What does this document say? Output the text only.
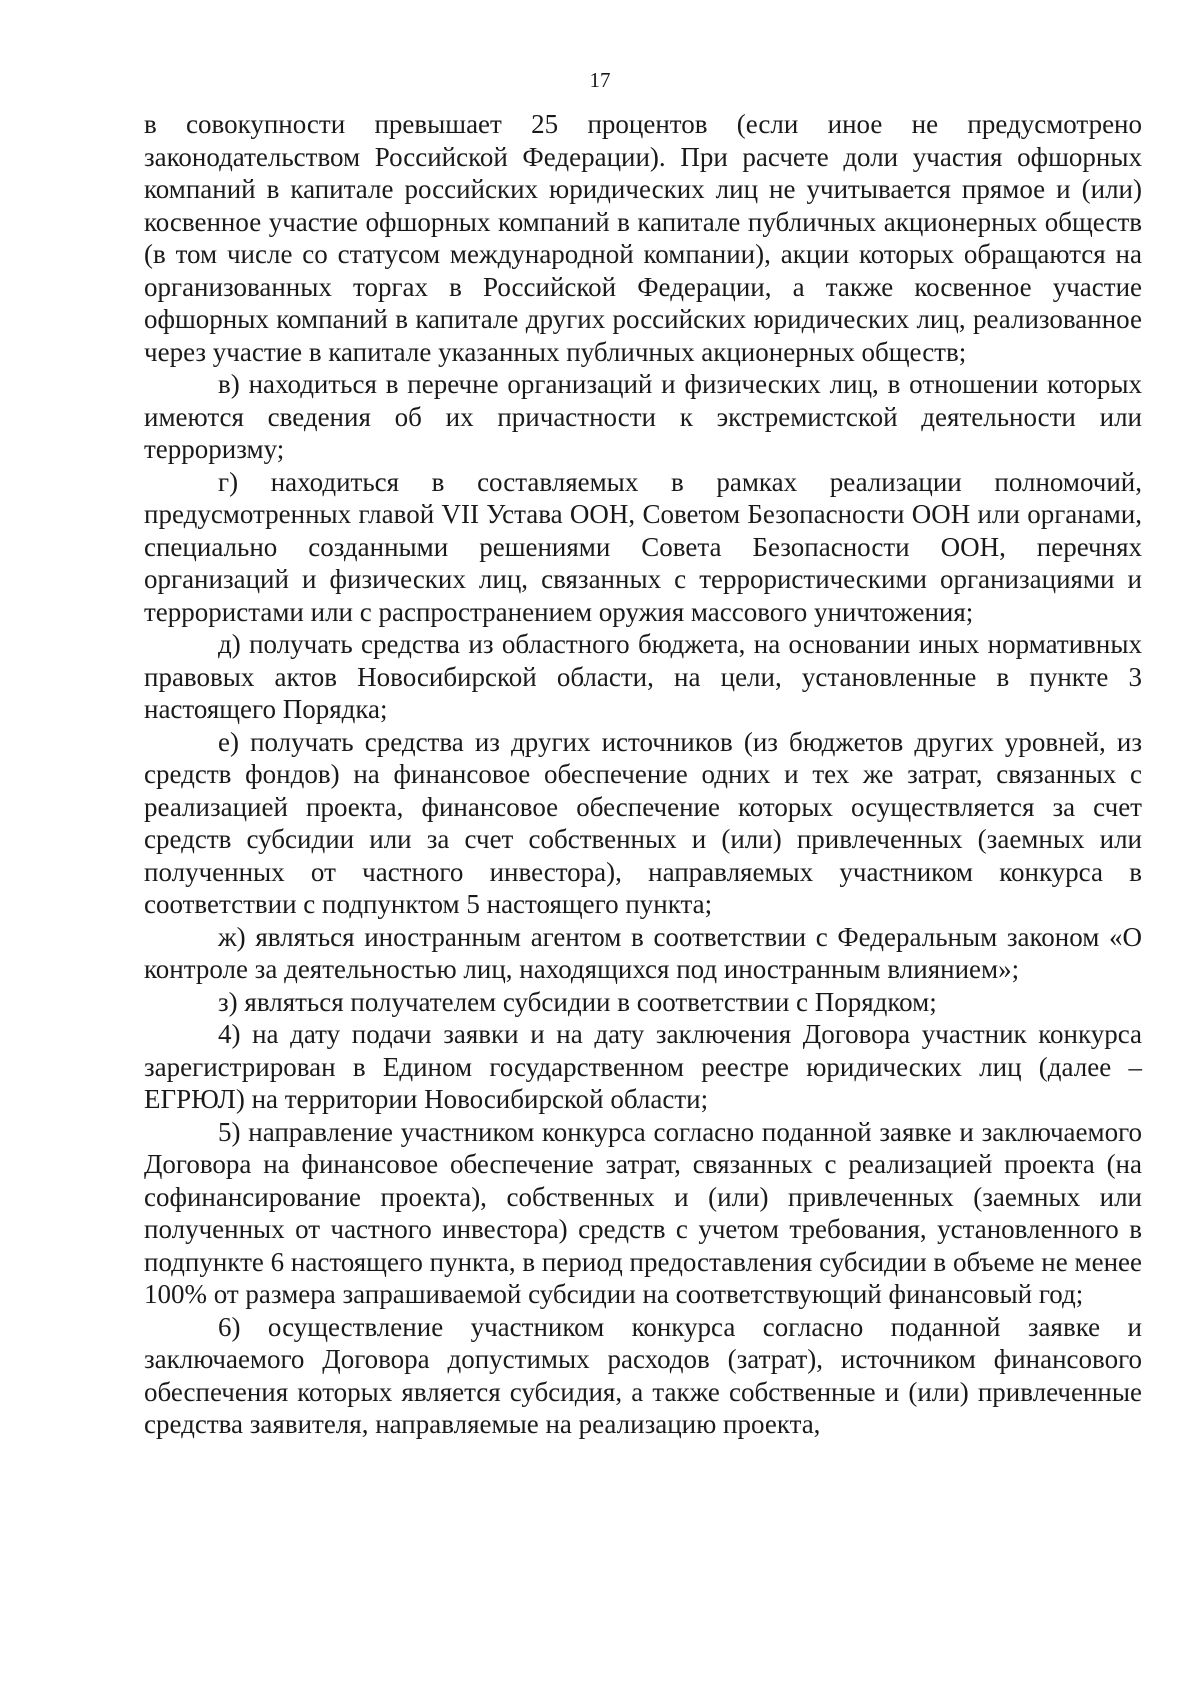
17

в совокупности превышает 25 процентов (если иное не предусмотрено законодательством Российской Федерации). При расчете доли участия офшорных компаний в капитале российских юридических лиц не учитывается прямое и (или) косвенное участие офшорных компаний в капитале публичных акционерных обществ (в том числе со статусом международной компании), акции которых обращаются на организованных торгах в Российской Федерации, а также косвенное участие офшорных компаний в капитале других российских юридических лиц, реализованное через участие в капитале указанных публичных акционерных обществ;

в) находиться в перечне организаций и физических лиц, в отношении которых имеются сведения об их причастности к экстремистской деятельности или терроризму;

г) находиться в составляемых в рамках реализации полномочий, предусмотренных главой VII Устава ООН, Советом Безопасности ООН или органами, специально созданными решениями Совета Безопасности ООН, перечнях организаций и физических лиц, связанных с террористическими организациями и террористами или с распространением оружия массового уничтожения;

д) получать средства из областного бюджета, на основании иных нормативных правовых актов Новосибирской области, на цели, установленные в пункте 3 настоящего Порядка;

е) получать средства из других источников (из бюджетов других уровней, из средств фондов) на финансовое обеспечение одних и тех же затрат, связанных с реализацией проекта, финансовое обеспечение которых осуществляется за счет средств субсидии или за счет собственных и (или) привлеченных (заемных или полученных от частного инвестора), направляемых участником конкурса в соответствии с подпунктом 5 настоящего пункта;

ж) являться иностранным агентом в соответствии с Федеральным законом «О контроле за деятельностью лиц, находящихся под иностранным влиянием»;

з) являться получателем субсидии в соответствии с Порядком;

4) на дату подачи заявки и на дату заключения Договора участник конкурса зарегистрирован в Едином государственном реестре юридических лиц (далее – ЕГРЮЛ) на территории Новосибирской области;

5) направление участником конкурса согласно поданной заявке и заключаемого Договора на финансовое обеспечение затрат, связанных с реализацией проекта (на софинансирование проекта), собственных и (или) привлеченных (заемных или полученных от частного инвестора) средств с учетом требования, установленного в подпункте 6 настоящего пункта, в период предоставления субсидии в объеме не менее 100% от размера запрашиваемой субсидии на соответствующий финансовый год;

6) осуществление участником конкурса согласно поданной заявке и заключаемого Договора допустимых расходов (затрат), источником финансового обеспечения которых является субсидия, а также собственные и (или) привлеченные средства заявителя, направляемые на реализацию проекта,
